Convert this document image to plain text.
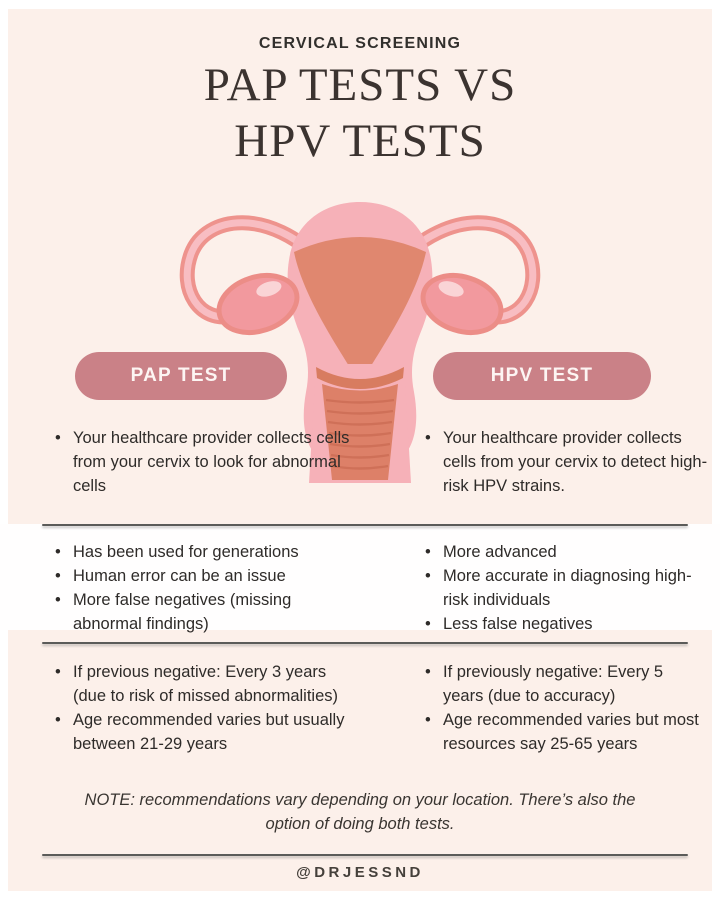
CERVICAL SCREENING
PAP TESTS VS
HPV TESTS
PAP TEST	HPV TEST
• Your healthcare provider collects cells from your cervix to look for abnormal cells
• Your healthcare provider collects cells from your cervix to detect high-risk HPV strains.
• Has been used for generations
• Human error can be an issue
• More false negatives (missing abnormal findings)
• More advanced
• More accurate in diagnosing high-risk individuals
• Less false negatives
• If previous negative: Every 3 years (due to risk of missed abnormalities)
• Age recommended varies but usually between 21-29 years
• If previously negative: Every 5 years (due to accuracy)
• Age recommended varies but most resources say 25-65 years
NOTE: recommendations vary depending on your location. There’s also the option of doing both tests.
@DRJESSND
